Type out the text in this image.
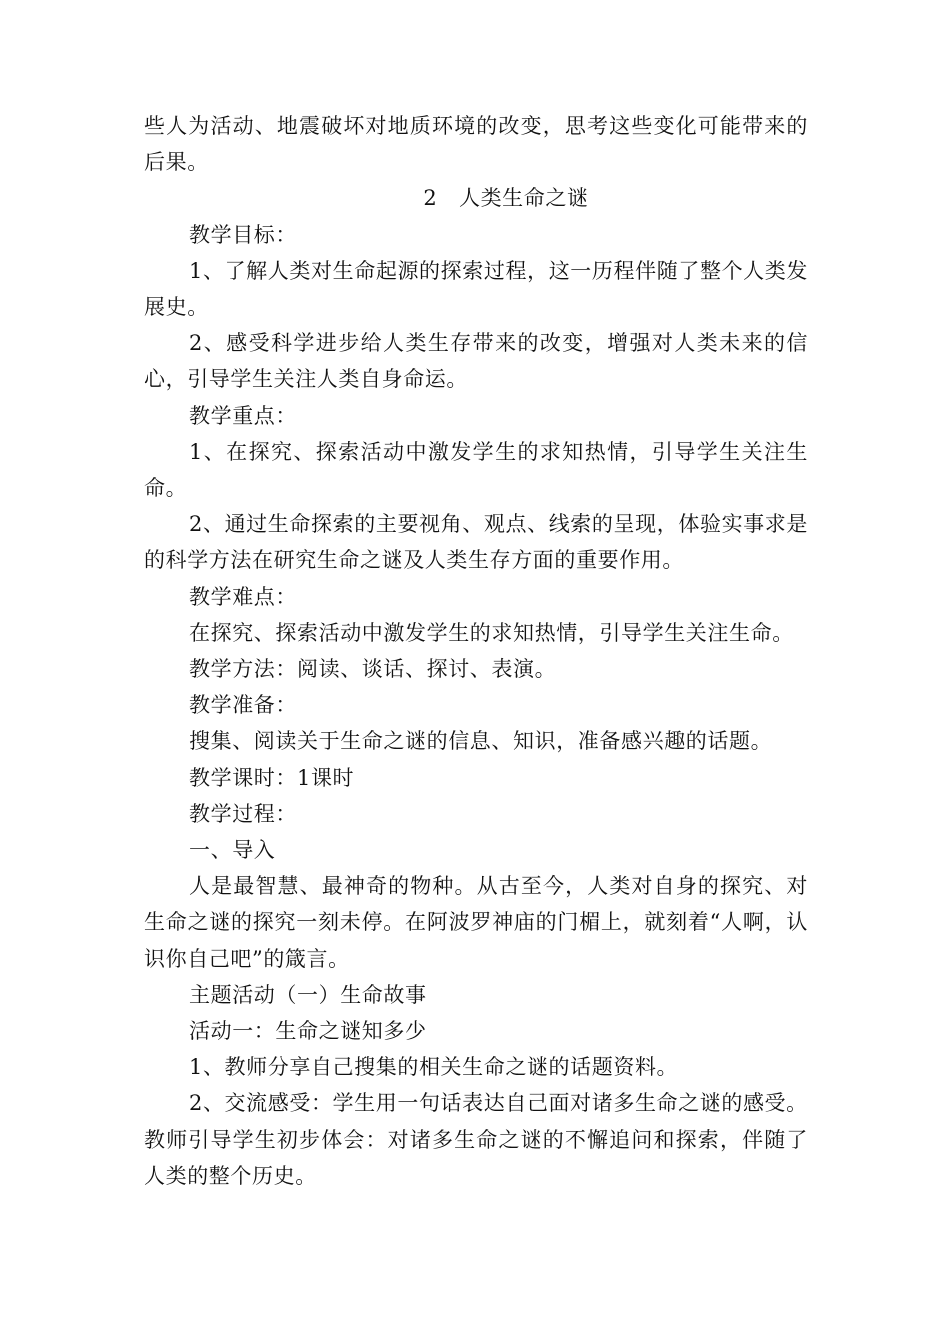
些人为活动、地震破坏对地质环境的改变，思考这些变化可能带来的后果。

2　人类生命之谜

教学目标：

1、了解人类对生命起源的探索过程，这一历程伴随了整个人类发展史。

2、感受科学进步给人类生存带来的改变，增强对人类未来的信心，引导学生关注人类自身命运。

教学重点：

1、在探究、探索活动中激发学生的求知热情，引导学生关注生命。

2、通过生命探索的主要视角、观点、线索的呈现，体验实事求是的科学方法在研究生命之谜及人类生存方面的重要作用。

教学难点：

在探究、探索活动中激发学生的求知热情，引导学生关注生命。

教学方法：阅读、谈话、探讨、表演。

教学准备：

搜集、阅读关于生命之谜的信息、知识，准备感兴趣的话题。

教学课时：1课时

教学过程：

一、导入

人是最智慧、最神奇的物种。从古至今，人类对自身的探究、对生命之谜的探究一刻未停。在阿波罗神庙的门楣上，就刻着“人啊，认识你自己吧”的箴言。

主题活动（一）生命故事

活动一：生命之谜知多少

1、教师分享自己搜集的相关生命之谜的话题资料。

2、交流感受：学生用一句话表达自己面对诸多生命之谜的感受。

教师引导学生初步体会：对诸多生命之谜的不懈追问和探索，伴随了人类的整个历史。
